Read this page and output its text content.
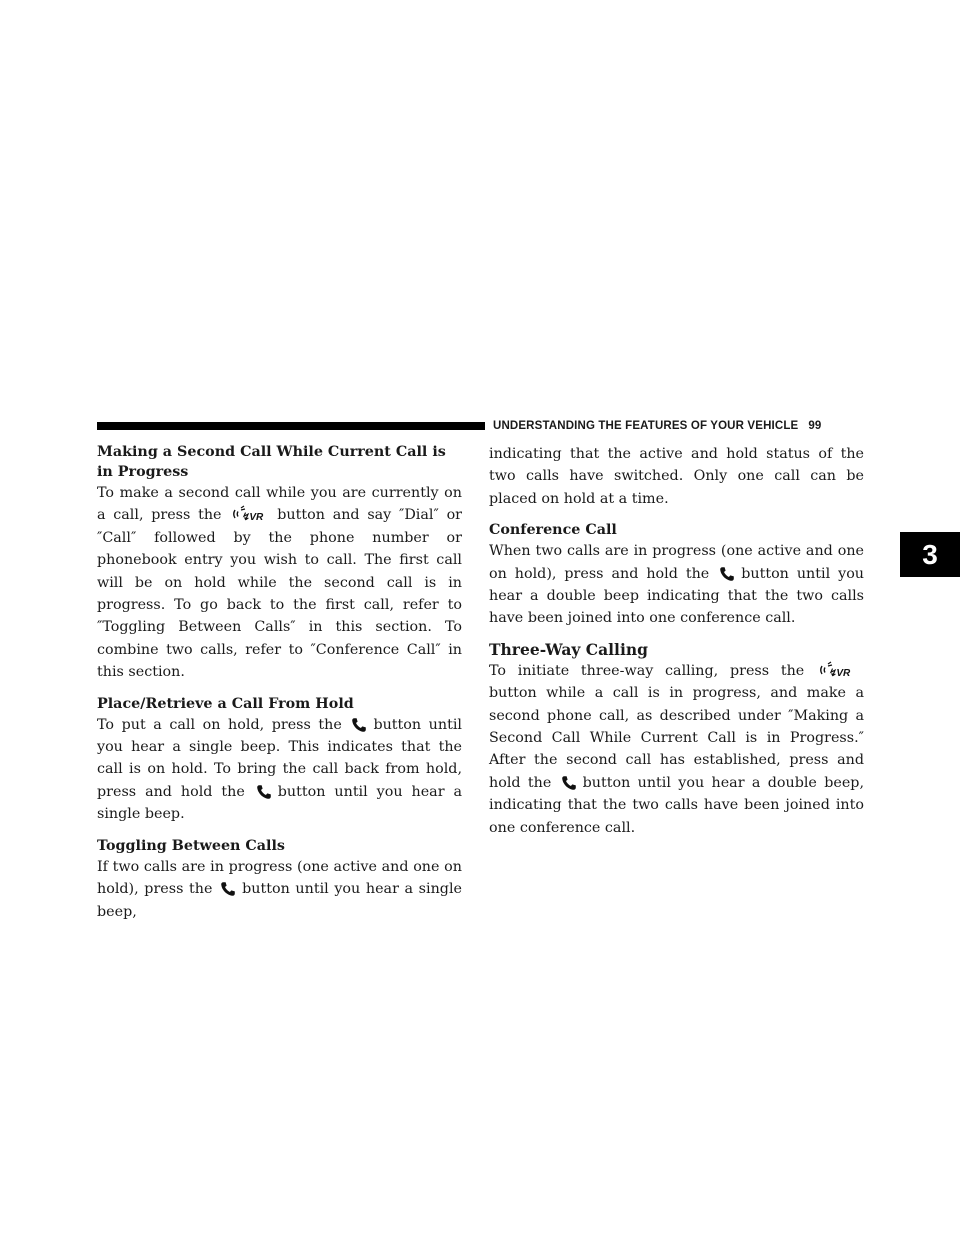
UNDERSTANDING THE FEATURES OF YOUR VEHICLE 99
3
Making a Second Call While Current Call is in Progress

To make a second call while you are currently on a call, press the	button and say ″Dial″ or ″Call″ followed by the phone number or phonebook entry you wish to call. The first call will be on hold while the second call is in progress. To go back to the first call, refer to ″Toggling Between Calls″ in this section. To combine two calls, refer to ″Conference Call″ in this section.

Place/Retrieve a Call From Hold

To put a call on hold, press the button until you hear a single beep. This indicates that the call is on hold. To bring the call back from hold, press and hold the button until you hear a single beep.

Toggling Between Calls

If two calls are in progress (one active and one on hold), press the button until you hear a single beep,

indicating that the active and hold status of the two calls have switched. Only one call can be placed on hold at a time.

Conference Call

When two calls are in progress (one active and one on hold), press and hold the button until you hear a double beep indicating that the two calls have been joined into one conference call.

Three-Way Calling

To initiate three-way calling, press the button while a call is in progress, and make a second phone call, as described under ″Making a Second Call While Current Call is in Progress.″ After the second call has established, press and hold the button until you hear a double beep, indicating that the two calls have been joined into one conference call.
